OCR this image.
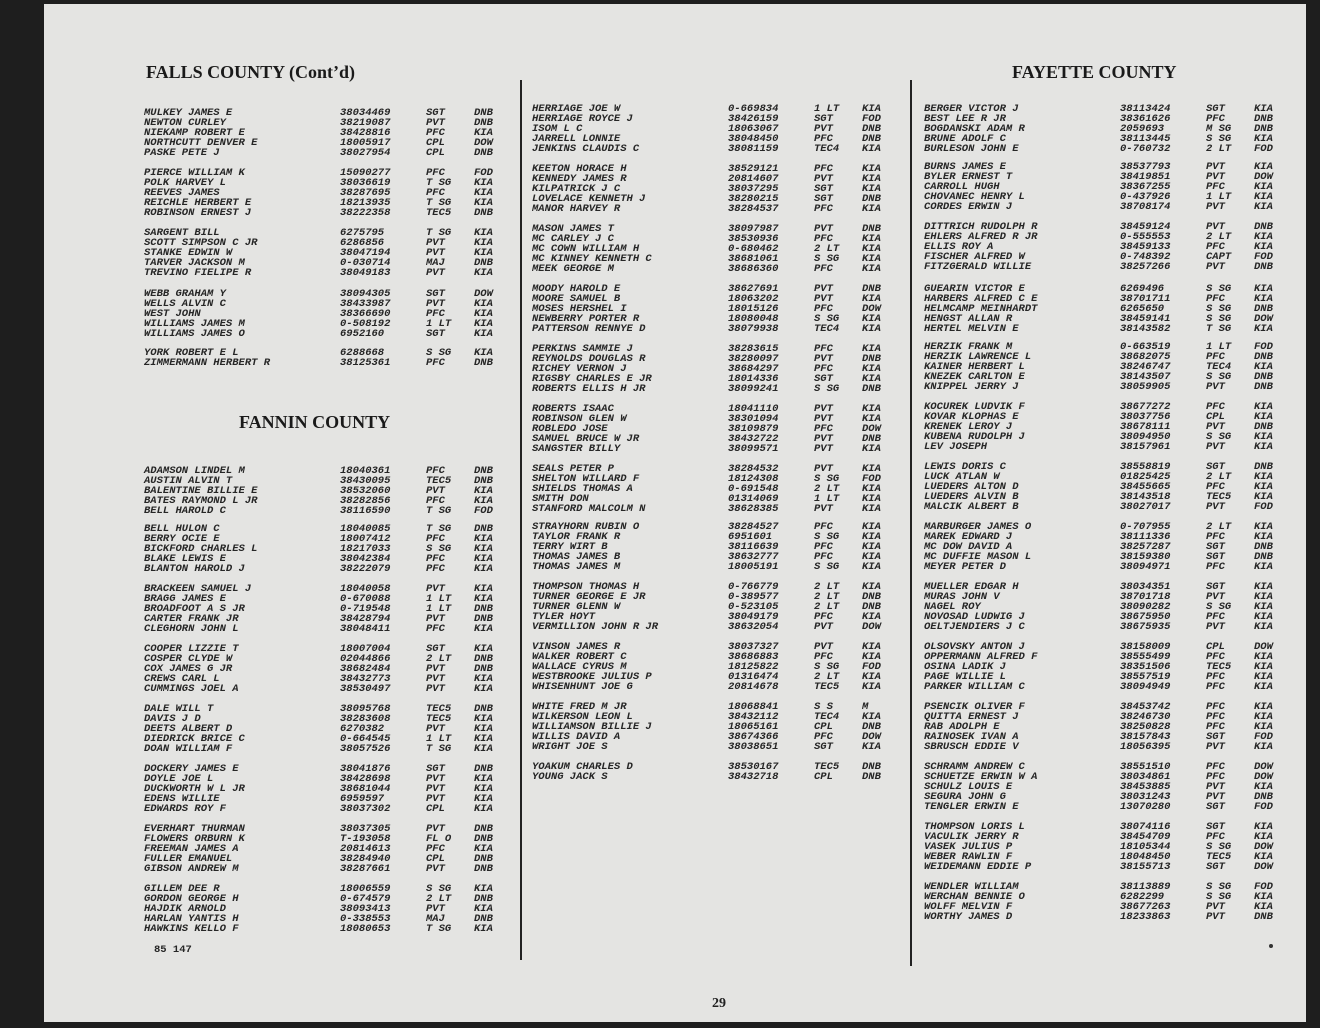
FALLS COUNTY (Cont’d)
FANNIN COUNTY
MULKEY JAMES E	38034469	SGT	DNB
NEWTON CURLEY	38219087	PVT	DNB
NIEKAMP ROBERT E	38428816	PFC	KIA
NORTHCUTT DENVER E	18005917	CPL	DOW
PASKE PETE J	38027954	CPL	DNB
PIERCE WILLIAM K	15090277	PFC	FOD
POLK HARVEY L	38036619	T SG KIA
REEVES JAMES	38287695	PFC	KIA
REICHLE HERBERT E	18213935	T SG KIA
ROBINSON ERNEST J	38222358	TEC5 DNB
SARGENT BILL	6275795	T SG KIA
SCOTT SIMPSON C JR	6286856	PVT	KIA
STANKE EDWIN W	38047194	PVT	KIA
TARVER JACKSON M	0-030714	MAJ	DNB
TREVINO FIELIPE R	38049183	PVT	KIA
WEBB GRAHAM Y	38094305	SGT	DOW
WELLS ALVIN C	38433987	PVT	KIA
WEST JOHN	38366690	PFC	KIA
WILLIAMS JAMES M	0-508192	1 LT KIA
WILLIAMS JAMES O	6952160	SGT	KIA
YORK ROBERT E L	6288668	S SG KIA
ZIMMERMANN HERBERT R	38125361	PFC	DNB
ADAMSON LINDEL M	18040361	PFC	DNB
AUSTIN ALVIN T	38430095	TEC5 DNB
BALENTINE BILLIE E	38532060	PVT	KIA
BATES RAYMOND L JR	38282856	PFC	KIA
BELL HAROLD C	38116590	T SG FOD
BELL HULON C	18040085	T SG DNB
BERRY OCIE E	18007412	PFC	KIA
BICKFORD CHARLES L	18217033	S SG KIA
BLAKE LEWIS E	38042384	PFC	KIA
BLANTON HAROLD J	38222079	PFC	KIA
BRACKEEN SAMUEL J	18040058	PVT	KIA
BRAGG JAMES E	0-670088	1 LT KIA
BROADFOOT A S JR	0-719548	1 LT DNB
CARTER FRANK JR	38428794	PVT	DNB
CLEGHORN JOHN L	38048411	PFC	KIA
COOPER LIZZIE T	18007004	SGT	KIA
COSPER CLYDE W	02044866	2 LT DNB
COX JAMES G JR	38682484	PVT	DNB
CREWS CARL L	38432773	PVT	KIA
CUMMINGS JOEL A	38530497	PVT	KIA
DALE WILL T	38095768	TEC5 DNB
DAVIS J D	38283608	TEC5 KIA
DEETS ALBERT D	6270382	PVT	KIA
DIEDRICK BRICE C	0-664545	1 LT KIA
DOAN WILLIAM F	38057526	T SG KIA
DOCKERY JAMES E	38041876	SGT	DNB
DOYLE JOE L	38428698	PVT	KIA
DUCKWORTH W L JR	38681044	PVT	KIA
EDENS WILLIE	6959597	PVT	KIA
EDWARDS ROY F	38037302	CPL	KIA
EVERHART THURMAN	38037305	PVT	DNB
FLOWERS ORBURN K	T-193058	FL O DNB
FREEMAN JAMES A	20814613	PFC	KIA
FULLER EMANUEL	38284940	CPL	DNB
GIBSON ANDREW M	38287661	PVT	DNB
GILLEM DEE R	18006559	S SG KIA
GORDON GEORGE H	0-674579	2 LT DNB
HAJDIK ARNOLD	38093413	PVT	KIA
HARLAN YANTIS H	0-338553	MAJ	DNB
HAWKINS KELLO F	18080653	T SG KIA
HERRIAGE JOE W	0-669834	1 LT KIA
HERRIAGE ROYCE J	38426159	SGT	FOD
ISOM L C	18063067	PVT	DNB
JARRELL LONNIE	38048450	PFC	DNB
JENKINS CLAUDIS C	38081159	TEC4 KIA
KEETON HORACE H	38529121	PFC	KIA
KENNEDY JAMES R	20814607	PVT	KIA
KILPATRICK J C	38037295	SGT	KIA
LOVELACE KENNETH J	38280215	SGT	DNB
MANOR HARVEY R	38284537	PFC	KIA
MASON JAMES T	38097987	PVT	DNB
MC CARLEY J C	38530936	PFC	KIA
MC COWN WILLIAM H	0-680462	2 LT KIA
MC KINNEY KENNETH C	38681061	S SG KIA
MEEK GEORGE M	38686360	PFC	KIA
MOODY HAROLD E	38627691	PVT	DNB
MOORE SAMUEL B	18063202	PVT	KIA
MOSES HERSHEL I	18015126	PFC	DOW
NEWBERRY PORTER R	18080048	S SG KIA
PATTERSON RENNYE D	38079938	TEC4 KIA
PERKINS SAMMIE J	38283615	PFC	KIA
REYNOLDS DOUGLAS R	38280097	PVT	DNB
RICHEY VERNON J	38684297	PFC	KIA
RIGSBY CHARLES E JR	18014336	SGT	KIA
ROBERTS ELLIS H JR	38099241	S SG DNB
ROBERTS ISAAC	18041110	PVT	KIA
ROBINSON GLEN W	38301094	PVT	KIA
ROBLEDO JOSE	38109879	PFC	DOW
SAMUEL BRUCE W JR	38432722	PVT	DNB
SANGSTER BILLY	38099571	PVT	KIA
SEALS PETER P	38284532	PVT	KIA
SHELTON WILLARD F	18124308	S SG FOD
SHIELDS THOMAS A	0-691548	2 LT KIA
SMITH DON	01314069	1 LT KIA
STANFORD MALCOLM N	38628385	PVT	KIA
STRAYHORN RUBIN O	38284527	PFC	KIA
TAYLOR FRANK R	6951601	S SG KIA
TERRY WIRT B	38116639	PFC	KIA
THOMAS JAMES B	38632777	PFC	KIA
THOMAS JAMES M	18005191	S SG KIA
THOMPSON THOMAS H	0-766779	2 LT KIA
TURNER GEORGE E JR	0-389577	2 LT DNB
TURNER GLENN W	0-523105	2 LT DNB
TYLER HOYT	38049179	PFC	KIA
VERMILLION JOHN R JR	38632054	PVT	DOW
VINSON JAMES R	38037327	PVT	KIA
WALKER ROBERT C	38686883	PFC	KIA
WALLACE CYRUS M	18125822	S SG FOD
WESTBROOKE JULIUS P	01316474	2 LT KIA
WHISENHUNT JOE G	20814678	TEC5 KIA
WHITE FRED M JR	18068841	S S	M
WILKERSON LEON L	38432112	TEC4 KIA
WILLIAMSON BILLIE J	18065161	CPL	DNB
WILLIS DAVID A	38674366	PFC	DOW
WRIGHT JOE S	38038651	SGT	KIA
YOAKUM CHARLES D	38530167	TEC5 DNB
YOUNG JACK S	38432718	CPL	DNB
FAYETTE COUNTY
BERGER VICTOR J	38113424	SGT	KIA
BEST LEE R JR	38361626	PFC	DNB
BOGDANSKI ADAM R	2059693	M SG DNB
BRUNE ADOLF C	38113445	S SG KIA
BURLESON JOHN E	0-760732	2 LT FOD
BURNS JAMES E	38537793	PVT	KIA
BYLER ERNEST T	38419851	PVT	DOW
CARROLL HUGH	38367255	PFC	KIA
CHOVANEC HENRY L	0-437926	1 LT KIA
CORDES ERWIN J	38708174	PVT	KIA
DITTRICH RUDOLPH R	38459124	PVT	DNB
EHLERS ALFRED R JR	0-555553	2 LT KIA
ELLIS ROY A	38459133	PFC	KIA
FISCHER ALFRED W	0-748392	CAPT FOD
FITZGERALD WILLIE	38257266	PVT	DNB
GUEARIN VICTOR E	6269496	S SG KIA
HARBERS ALFRED C E	38701711	PFC	KIA
HELMCAMP MEINHARDT	6265650	S SG DNB
HENGST ALLAN R	38459141	S SG DOW
HERTEL MELVIN E	38143582	T SG KIA
HERZIK FRANK M	0-663519	1 LT FOD
HERZIK LAWRENCE L	38682075	PFC	DNB
KAINER HERBERT L	38246747	TEC4 KIA
KNEZEK CARLTON E	38143507	S SG DNB
KNIPPEL JERRY J	38059905	PVT	DNB
KOCUREK LUDVIK F	38677272	PFC	KIA
KOVAR KLOPHAS E	38037756	CPL	KIA
KRENEK LEROY J	38678111	PVT	DNB
KUBENA RUDOLPH J	38094950	S SG KIA
LEV JOSEPH	38157961	PVT	KIA
LEWIS DORIS C	38558819	SGT	DNB
LUCK ATLAN W	01825425	2 LT KIA
LUEDERS ALTON D	38455665	PFC	KIA
LUEDERS ALVIN B	38143518	TEC5 KIA
MALCIK ALBERT B	38027017	PVT	FOD
MARBURGER JAMES O	0-707955	2 LT KIA
MAREK EDWARD J	38111336	PFC	KIA
MC DOW DAVID A	38257287	SGT	DNB
MC DUFFIE MASON L	38159380	SGT	DNB
MEYER PETER D	38094971	PFC	KIA
MUELLER EDGAR H	38034351	SGT	KIA
MURAS JOHN V	38701718	PVT	KIA
NAGEL ROY	38090282	S SG KIA
NOVOSAD LUDWIG J	38675950	PFC	KIA
OELTJENDIERS J C	38675935	PVT	KIA
OLSOVSKY ANTON J	38158009	CPL	DOW
OPPERMANN ALFRED F	38555499	PFC	KIA
OSINA LADIK J	38351506	TEC5 KIA
PAGE WILLIE L	38557519	PFC	KIA
PARKER WILLIAM C	38094949	PFC	KIA
PSENCIK OLIVER F	38453742	PFC	KIA
QUITTA ERNEST J	38246730	PFC	KIA
RAB ADOLPH E	38250828	PFC	KIA
RAINOSEK IVAN A	38157843	SGT	FOD
SBRUSCH EDDIE V	18056395	PVT	KIA
SCHRAMM ANDREW C	38551510	PFC	DOW
SCHUETZE ERWIN W A	38034861	PFC	DOW
SCHULZ LOUIS E	38453885	PVT	KIA
SEGURA JOHN G	38031243	PVT	DNB
TENGLER ERWIN E	13070280	SGT	FOD
THOMPSON LORIS L	38074116	SGT	KIA
VACULIK JERRY R	38454709	PFC	KIA
VASEK JULIUS P	18105344	S SG DOW
WEBER RAWLIN F	18048450	TEC5 KIA
WEIDEMANN EDDIE P	38155713	SGT	DOW
WENDLER WILLIAM	38113889	S SG FOD
WERCHAN BENNIE O	6282299	S SG KIA
WOLFF MELVIN F	38677263	PVT	KIA
WORTHY JAMES D	18233863	PVT	DNB
85 147
29
